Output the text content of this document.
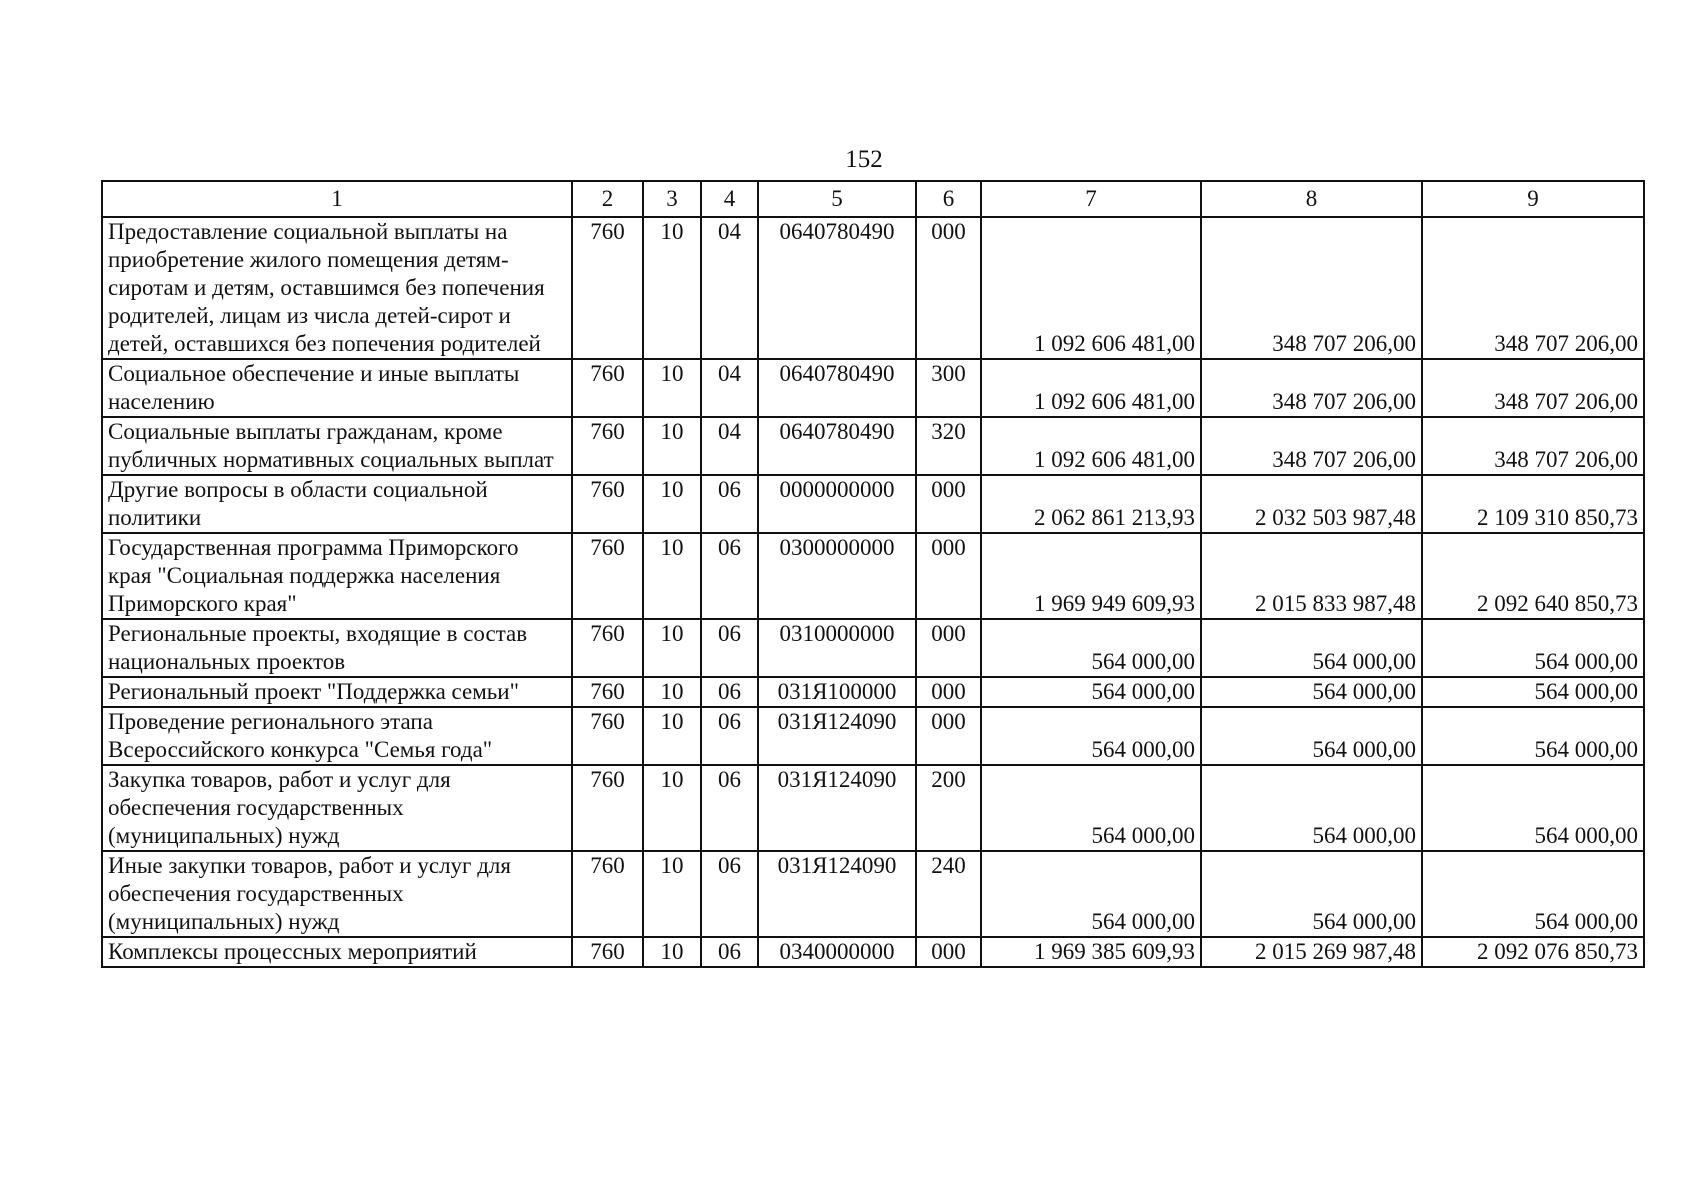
152
1	2	3	4	5	6	7	8	9
Предоставление социальной выплаты на приобретение жилого помещения детям-сиротам и детям, оставшимся без попечения родителей, лицам из числа детей-сирот и детей, оставшихся без попечения родителей	760	10	04	0640780490	000	1 092 606 481,00	348 707 206,00	348 707 206,00
Социальное обеспечение и иные выплаты населению	760	10	04	0640780490	300	1 092 606 481,00	348 707 206,00	348 707 206,00
Социальные выплаты гражданам, кроме публичных нормативных социальных выплат	760	10	04	0640780490	320	1 092 606 481,00	348 707 206,00	348 707 206,00
Другие вопросы в области социальной политики	760	10	06	0000000000	000	2 062 861 213,93	2 032 503 987,48	2 109 310 850,73
Государственная программа Приморского края "Социальная поддержка населения Приморского края"	760	10	06	0300000000	000	1 969 949 609,93	2 015 833 987,48	2 092 640 850,73
Региональные проекты, входящие в состав национальных проектов	760	10	06	0310000000	000	564 000,00	564 000,00	564 000,00
Региональный проект "Поддержка семьи"	760	10	06	031Я100000	000	564 000,00	564 000,00	564 000,00
Проведение регионального этапа Всероссийского конкурса "Семья года"	760	10	06	031Я124090	000	564 000,00	564 000,00	564 000,00
Закупка товаров, работ и услуг для обеспечения государственных (муниципальных) нужд	760	10	06	031Я124090	200	564 000,00	564 000,00	564 000,00
Иные закупки товаров, работ и услуг для обеспечения государственных (муниципальных) нужд	760	10	06	031Я124090	240	564 000,00	564 000,00	564 000,00
Комплексы процессных мероприятий	760	10	06	0340000000	000	1 969 385 609,93	2 015 269 987,48	2 092 076 850,73
